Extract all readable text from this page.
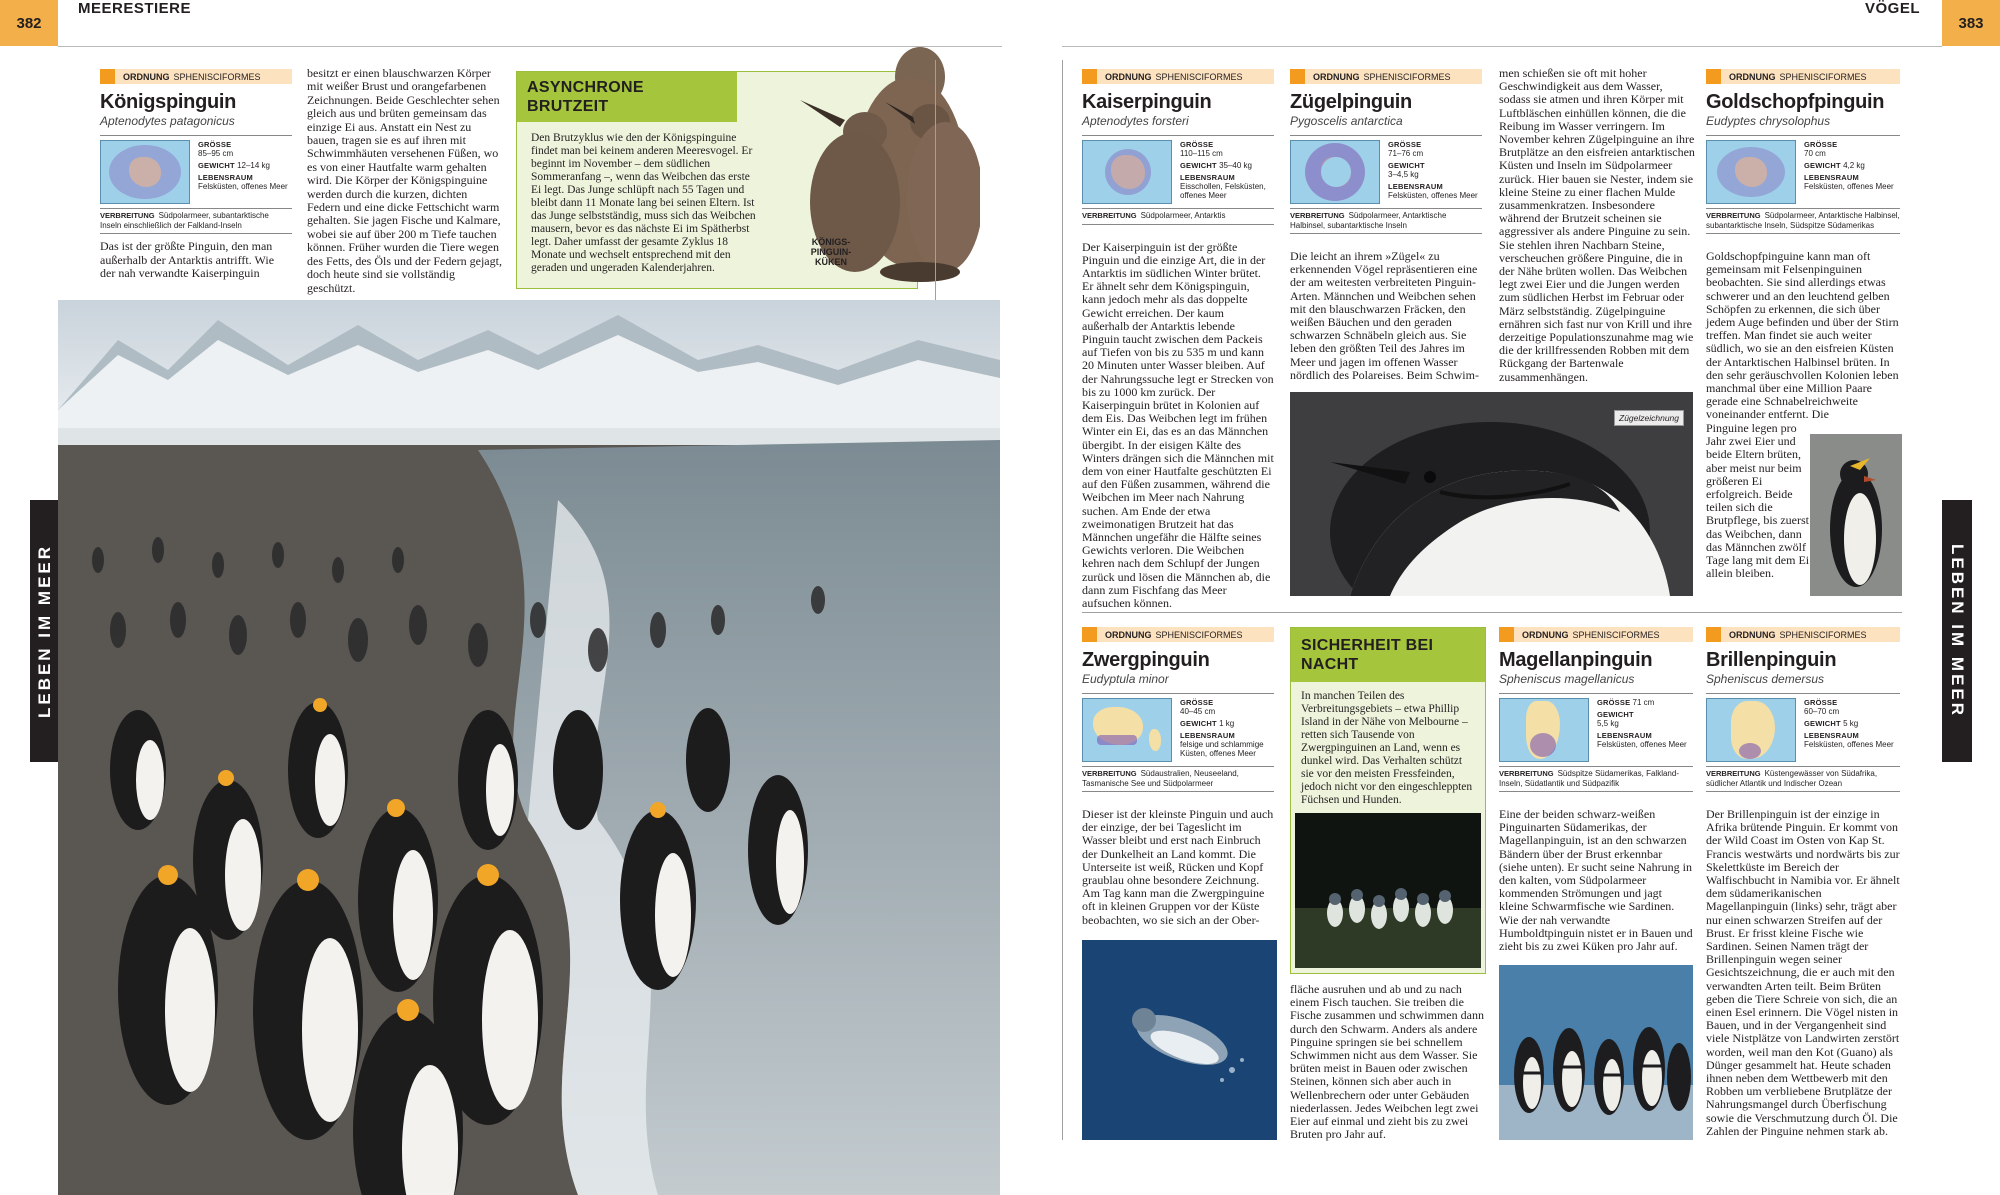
382
MEERESTIERE	VÖGEL
383
LEBEN IM MEER	LEBEN IM MEER
ORDNUNG SPHENISCIFORMES
Königspinguin
Aptenodytes patagonicus
GRÖSSE
85–95 cm
GEWICHT 12–14 kg
LEBENSRAUM
Felsküsten, offenes Meer
VERBREITUNG Südpolarmeer, subantarktische Inseln einschließlich der Falkland-Inseln

Das ist der größte Pinguin, den man außerhalb der Antarktis antrifft. Wie der nah verwandte Kaiserpinguin

besitzt er einen blauschwarzen Körper mit weißer Brust und orangefarbenen Zeichnungen. Beide Geschlechter sehen gleich aus und brüten gemeinsam das einzige Ei aus. Anstatt ein Nest zu bauen, tragen sie es auf ihren mit Schwimmhäuten versehenen Füßen, wo es von einer Hautfalte warm gehalten wird. Die Körper der Königspinguine werden durch die kurzen, dichten Federn und eine dicke Fettschicht warm gehalten. Sie jagen Fische und Kalmare, wobei sie auf über 200 m Tiefe tauchen können. Früher wurden die Tiere wegen des Fetts, des Öls und der Federn gejagt, doch heute sind sie vollständig geschützt.

ASYNCHRONE BRUTZEIT
Den Brutzyklus wie den der Königspinguine findet man bei keinem anderen Meeresvogel. Er beginnt im November – dem südlichen Sommeranfang –, wenn das Weibchen das erste Ei legt. Das Junge schlüpft nach 55 Tagen und bleibt dann 11 Monate lang bei seinen Eltern. Ist das Junge selbstständig, muss sich das Weibchen mausern, bevor es das nächste Ei im Spätherbst legt. Daher umfasst der gesamte Zyklus 18 Monate und wechselt entsprechend mit den geraden und ungeraden Kalenderjahren.
KÖNIGS-PINGUIN-KÜKEN
ORDNUNG SPHENISCIFORMES
Kaiserpinguin
Aptenodytes forsteri
GRÖSSE
110–115 cm
GEWICHT 35–40 kg
LEBENSRAUM
Eisschollen, Felsküsten, offenes Meer
VERBREITUNG Südpolarmeer, Antarktis

Der Kaiserpinguin ist der größte Pinguin und die einzige Art, die in der Antarktis im südlichen Winter brütet. Er ähnelt sehr dem Königspinguin, kann jedoch mehr als das doppelte Gewicht erreichen. Der kaum außerhalb der Antarktis lebende Pinguin taucht zwischen dem Packeis auf Tiefen von bis zu 535 m und kann 20 Minuten unter Wasser bleiben. Auf der Nahrungssuche legt er Strecken von bis zu 1000 km zurück. Der Kaiserpinguin brütet in Kolonien auf dem Eis. Das Weibchen legt im frühen Winter ein Ei, das es an das Männchen übergibt. In der eisigen Kälte des Winters drängen sich die Männchen mit dem von einer Hautfalte geschützten Ei auf den Füßen zusammen, während die Weibchen im Meer nach Nahrung suchen. Am Ende der etwa zweimonatigen Brutzeit hat das Männchen ungefähr die Hälfte seines Gewichts verloren. Die Weibchen kehren nach dem Schlupf der Jungen zurück und lösen die Männchen ab, die dann zum Fischfang das Meer aufsuchen können.

ORDNUNG SPHENISCIFORMES
Zügelpinguin
Pygoscelis antarctica
GRÖSSE
71–76 cm
GEWICHT
3–4,5 kg
LEBENSRAUM
Felsküsten, offenes Meer
VERBREITUNG Südpolarmeer, Antarktische Halbinsel, subantarktische Inseln

Die leicht an ihrem »Zügel« zu erkennenden Vögel repräsentieren eine der am weitesten verbreiteten Pinguin-Arten. Männchen und Weibchen sehen mit den blauschwarzen Fräcken, den weißen Bäuchen und den geraden schwarzen Schnäbeln gleich aus. Sie leben den größten Teil des Jahres im Meer und jagen im offenen Wasser nördlich des Polareises. Beim Schwim-

men schießen sie oft mit hoher Geschwindigkeit aus dem Wasser, sodass sie atmen und ihren Körper mit Luftbläschen einhüllen können, die die Reibung im Wasser verringern. Im November kehren Zügelpinguine an ihre Brutplätze an den eisfreien antarktischen Küsten und Inseln im Südpolarmeer zurück. Hier bauen sie Nester, indem sie kleine Steine zu einer flachen Mulde zusammenkratzen. Insbesondere während der Brutzeit scheinen sie aggressiver als andere Pinguine zu sein. Sie stehlen ihren Nachbarn Steine, verscheuchen größere Pinguine, die in der Nähe brüten wollen. Das Weibchen legt zwei Eier und die Jungen werden zum südlichen Herbst im Februar oder März selbstständig. Zügelpinguine ernähren sich fast nur von Krill und ihre derzeitige Populationszunahme mag wie die der krillfressenden Robben mit dem Rückgang der Bartenwale zusammenhängen.

Zügelzeichnung
ORDNUNG SPHENISCIFORMES
Goldschopfpinguin
Eudyptes chrysolophus
GRÖSSE
70 cm
GEWICHT 4,2 kg
LEBENSRAUM
Felsküsten, offenes Meer
VERBREITUNG Südpolarmeer, Antarktische Halbinsel, subantarktische Inseln, Südspitze Südamerikas

Goldschopfpinguine kann man oft gemeinsam mit Felsenpinguinen beobachten. Sie sind allerdings etwas schwerer und an den leuchtend gelben Schöpfen zu erkennen, die sich über jedem Auge befinden und über der Stirn treffen. Man findet sie auch weiter südlich, wo sie an den eisfreien Küsten der Antarktischen Halbinsel brüten. In den sehr geräuschvollen Kolonien leben manchmal über eine Million Paare gerade eine Schnabelreichweite voneinander entfernt. Die

Pinguine legen pro Jahr zwei Eier und beide Eltern brüten, aber meist nur beim größeren Ei erfolgreich. Beide teilen sich die Brutpflege, bis zuerst das Weibchen, dann das Männchen zwölf Tage lang mit dem Ei allein bleiben.

ORDNUNG SPHENISCIFORMES
Zwergpinguin
Eudyptula minor
GRÖSSE
40–45 cm
GEWICHT 1 kg
LEBENSRAUM
felsige und schlammige Küsten, offenes Meer
VERBREITUNG Südaustralien, Neuseeland, Tasmanische See und Südpolarmeer

Dieser ist der kleinste Pinguin und auch der einzige, der bei Tageslicht im Wasser bleibt und erst nach Einbruch der Dunkelheit an Land kommt. Die Unterseite ist weiß, Rücken und Kopf graublau ohne besondere Zeichnung. Am Tag kann man die Zwergpinguine oft in kleinen Gruppen vor der Küste beobachten, wo sie sich an der Ober-

fläche ausruhen und ab und zu nach einem Fisch tauchen. Sie treiben die Fische zusammen und schwimmen dann durch den Schwarm. Anders als andere Pinguine springen sie bei schnellem Schwimmen nicht aus dem Wasser. Sie brüten meist in Bauen oder zwischen Steinen, können sich aber auch in Wellenbrechern oder unter Gebäuden niederlassen. Jedes Weibchen legt zwei Eier auf einmal und zieht bis zu zwei Bruten pro Jahr auf.

SICHERHEIT BEI NACHT
In manchen Teilen des Verbreitungsgebiets – etwa Phillip Island in der Nähe von Melbourne – retten sich Tausende von Zwergpinguinen an Land, wenn es dunkel wird. Das Verhalten schützt sie vor den meisten Fressfeinden, jedoch nicht vor den eingeschleppten Füchsen und Hunden.
ORDNUNG SPHENISCIFORMES
Magellanpinguin
Spheniscus magellanicus
GRÖSSE 71 cm
GEWICHT
5,5 kg
LEBENSRAUM
Felsküsten, offenes Meer
VERBREITUNG Südspitze Südamerikas, Falkland-Inseln, Südatlantik und Südpazifik

Eine der beiden schwarz-weißen Pinguinarten Südamerikas, der Magellanpinguin, ist an den schwarzen Bändern über der Brust erkennbar (siehe unten). Er sucht seine Nahrung in den kalten, vom Südpolarmeer kommenden Strömungen und jagt kleine Schwarmfische wie Sardinen. Wie der nah verwandte Humboldtpinguin nistet er in Bauen und zieht bis zu zwei Küken pro Jahr auf.

ORDNUNG SPHENISCIFORMES
Brillenpinguin
Spheniscus demersus
GRÖSSE
60–70 cm
GEWICHT 5 kg
LEBENSRAUM
Felsküsten, offenes Meer
VERBREITUNG Küstengewässer von Südafrika, südlicher Atlantik und Indischer Ozean

Der Brillenpinguin ist der einzige in Afrika brütende Pinguin. Er kommt von der Wild Coast im Osten von Kap St. Francis westwärts und nordwärts bis zur Skelettküste im Bereich der Walfischbucht in Namibia vor. Er ähnelt dem südamerikanischen Magellanpinguin (links) sehr, trägt aber nur einen schwarzen Streifen auf der Brust. Er frisst kleine Fische wie Sardinen. Seinen Namen trägt der Brillenpinguin wegen seiner Gesichtszeichnung, die er auch mit den verwandten Arten teilt. Beim Brüten geben die Tiere Schreie von sich, die an einen Esel erinnern. Die Vögel nisten in Bauen, und in der Vergangenheit sind viele Nistplätze von Landwirten zerstört worden, weil man den Kot (Guano) als Dünger gesammelt hat. Heute schaden ihnen neben dem Wettbewerb mit den Robben um verbliebene Brutplätze der Nahrungsmangel durch Überfischung sowie die Verschmutzung durch Öl. Die Zahlen der Pinguine nehmen stark ab.
